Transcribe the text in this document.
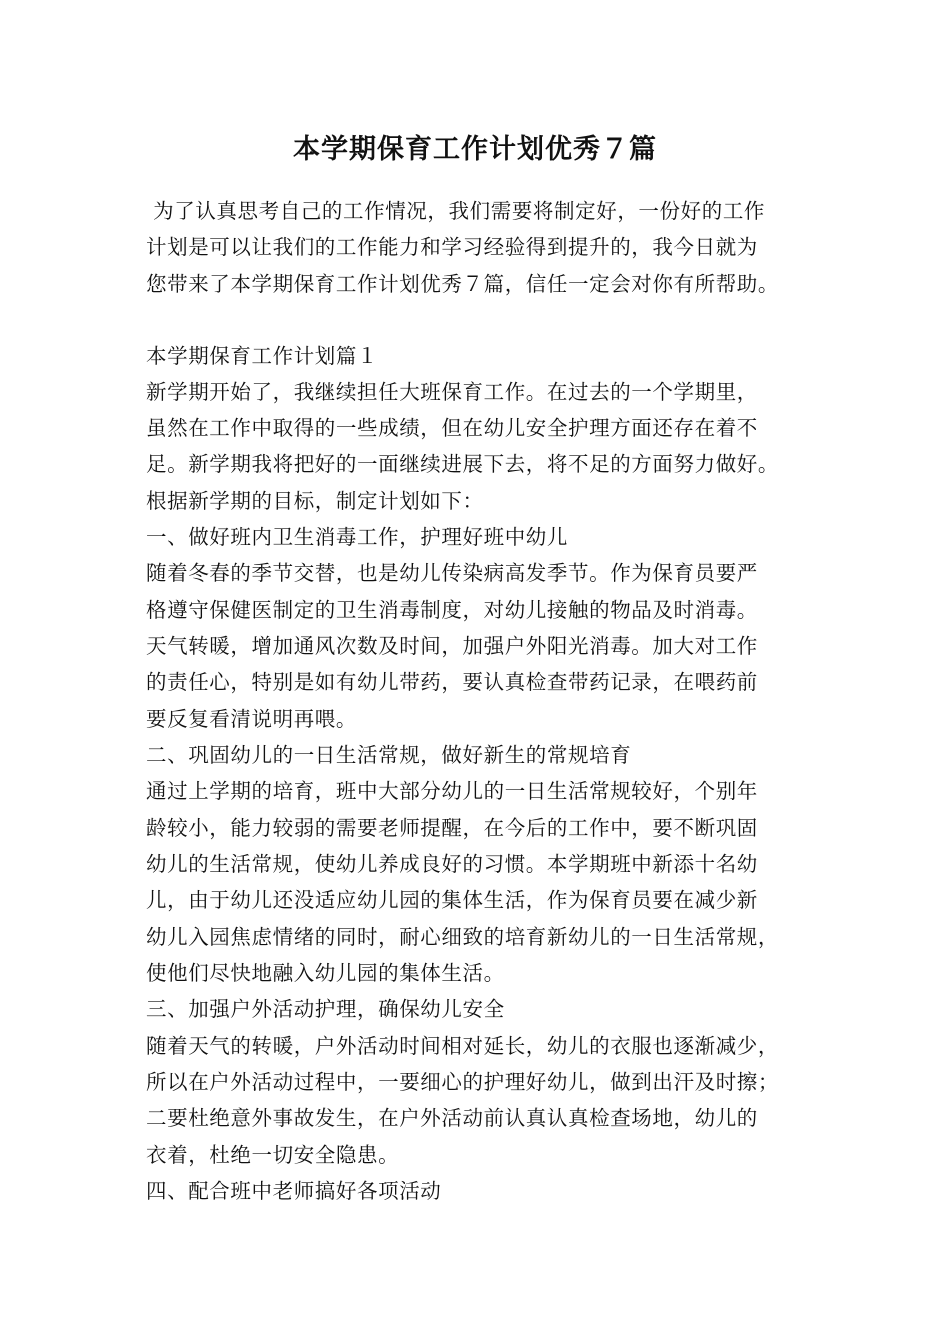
本学期保育工作计划优秀７篇
为了认真思考自己的工作情况，我们需要将制定好，一份好的工作
计划是可以让我们的工作能力和学习经验得到提升的，我今日就为
您带来了本学期保育工作计划优秀７篇，信任一定会对你有所帮助。
本学期保育工作计划篇１
新学期开始了，我继续担任大班保育工作。在过去的一个学期里，
虽然在工作中取得的一些成绩，但在幼儿安全护理方面还存在着不
足。新学期我将把好的一面继续进展下去，将不足的方面努力做好。
根据新学期的目标，制定计划如下：
一、做好班内卫生消毒工作，护理好班中幼儿
随着冬春的季节交替，也是幼儿传染病高发季节。作为保育员要严
格遵守保健医制定的卫生消毒制度，对幼儿接触的物品及时消毒。
天气转暖，增加通风次数及时间，加强户外阳光消毒。加大对工作
的责任心，特别是如有幼儿带药，要认真检查带药记录，在喂药前
要反复看清说明再喂。
二、巩固幼儿的一日生活常规，做好新生的常规培育
通过上学期的培育，班中大部分幼儿的一日生活常规较好，个别年
龄较小，能力较弱的需要老师提醒，在今后的工作中，要不断巩固
幼儿的生活常规，使幼儿养成良好的习惯。本学期班中新添十名幼
儿，由于幼儿还没适应幼儿园的集体生活，作为保育员要在减少新
幼儿入园焦虑情绪的同时，耐心细致的培育新幼儿的一日生活常规，
使他们尽快地融入幼儿园的集体生活。
三、加强户外活动护理，确保幼儿安全
随着天气的转暖，户外活动时间相对延长，幼儿的衣服也逐渐减少，
所以在户外活动过程中，一要细心的护理好幼儿，做到出汗及时擦；
二要杜绝意外事故发生，在户外活动前认真认真检查场地，幼儿的
衣着，杜绝一切安全隐患。
四、配合班中老师搞好各项活动
